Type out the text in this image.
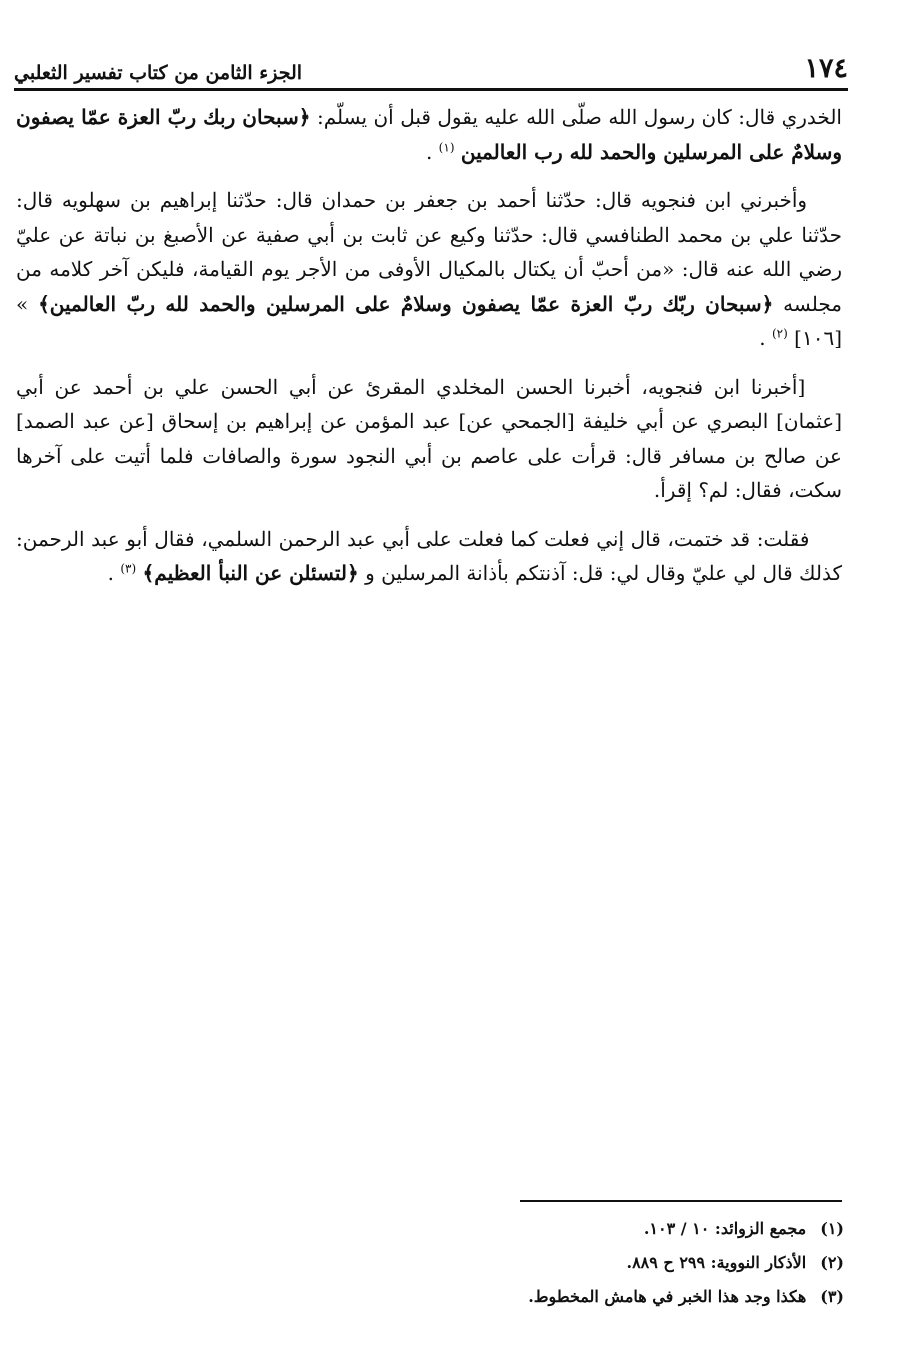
١٧٤
الجزء الثامن من كتاب تفسير الثعلبي

الخدري قال: كان رسول الله صلّى الله عليه يقول قبل أن يسلّم: ﴿سبحان ربك ربّ العزة عمّا يصفون وسلامٌ على المرسلين والحمد لله رب العالمين $^{(١)}$ .

وأخبرني ابن فنجويه قال: حدّثنا أحمد بن جعفر بن حمدان قال: حدّثنا إبراهيم بن سهلويه قال: حدّثنا علي بن محمد الطنافسي قال: حدّثنا وكيع عن ثابت بن أبي صفية عن الأصبغ بن نباتة عن عليّ رضي الله عنه قال: «من أحبّ أن يكتال بالمكيال الأوفى من الأجر يوم القيامة، فليكن آخر كلامه من مجلسه ﴿سبحان ربّك ربّ العزة عمّا يصفون وسلامٌ على المرسلين والحمد لله ربّ العالمين﴾ » [١٠٦] $^{(٢)}$ .

[أخبرنا ابن فنجويه، أخبرنا الحسن المخلدي المقرئ عن أبي الحسن علي بن أحمد عن أبي [عثمان] البصري عن أبي خليفة [الجمحي عن] عبد المؤمن عن إبراهيم بن إسحاق [عن عبد الصمد] عن صالح بن مسافر قال: قرأت على عاصم بن أبي النجود سورة والصافات فلما أتيت على آخرها سكت، فقال: لم؟ إقرأ.

فقلت: قد ختمت، قال إني فعلت كما فعلت على أبي عبد الرحمن السلمي، فقال أبو عبد الرحمن: كذلك قال لي عليّ وقال لي: قل: آذنتكم بأذانة المرسلين و ﴿لتسئلن عن النبأ العظيم﴾ $^{(٣)}$ .

(١)
مجمع الزوائد: ١٠ / ١٠٣.
(٢)
الأذكار النووية: ٢٩٩ ح ٨٨٩.
(٣)
هكذا وجد هذا الخبر في هامش المخطوط.
